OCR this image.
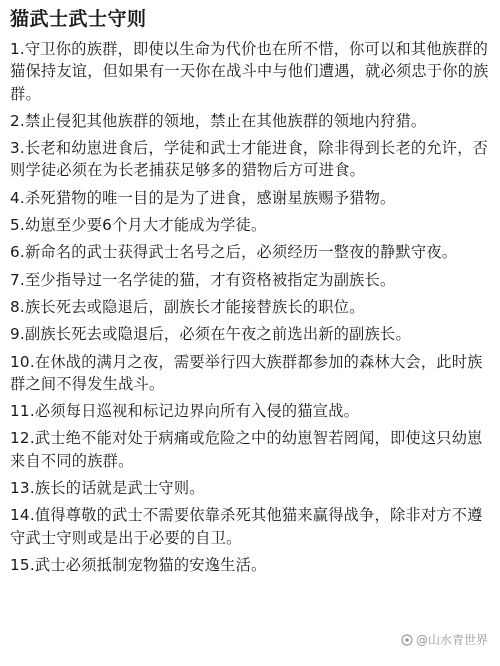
猫武士武士守则

1.守卫你的族群，即使以生命为代价也在所不惜，你可以和其他族群的猫保持友谊，但如果有一天你在战斗中与他们遭遇，就必须忠于你的族群。

2.禁止侵犯其他族群的领地，禁止在其他族群的领地内狩猎。

3.长老和幼崽进食后，学徒和武士才能进食，除非得到长老的允许，否则学徒必须在为长老捕获足够多的猎物后方可进食。

4.杀死猎物的唯一目的是为了进食，感谢星族赐予猎物。

5.幼崽至少要6个月大才能成为学徒。

6.新命名的武士获得武士名号之后，必须经历一整夜的静默守夜。

7.至少指导过一名学徒的猫，才有资格被指定为副族长。

8.族长死去或隐退后，副族长才能接替族长的职位。

9.副族长死去或隐退后，必须在午夜之前选出新的副族长。

10.在休战的满月之夜，需要举行四大族群都参加的森林大会，此时族群之间不得发生战斗。

11.必须每日巡视和标记边界向所有入侵的猫宣战。

12.武士绝不能对处于病痛或危险之中的幼崽智若罔闻，即使这只幼崽来自不同的族群。

13.族长的话就是武士守则。

14.值得尊敬的武士不需要依靠杀死其他猫来赢得战争，除非对方不遵守武士守则或是出于必要的自卫。

15.武士必须抵制宠物猫的安逸生活。

@山水青世界
